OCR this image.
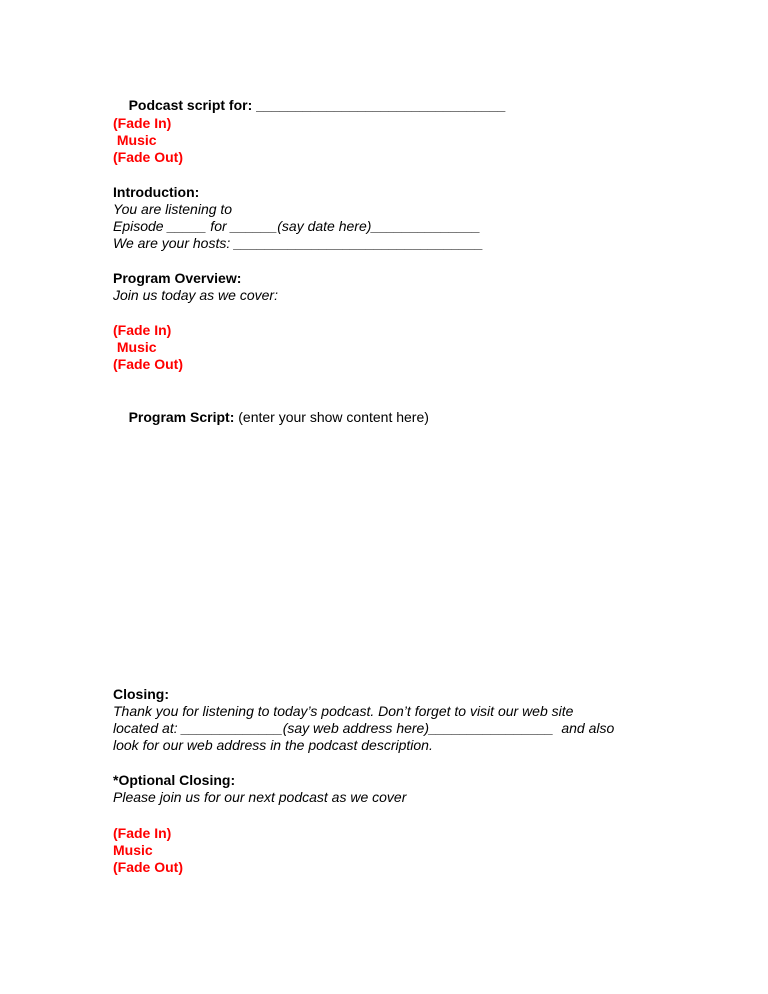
Podcast script for: ________________________________

(Fade In)
Music
(Fade Out)
Introduction:
You are listening to
Episode _____ for ______(say date here)______________
We are your hosts: ________________________________
Program Overview:
Join us today as we cover:
(Fade In)
Music
(Fade Out)

Program Script: (enter your show content here)

Closing:
Thank you for listening to today’s podcast. Don’t forget to visit our web site
located at: _____________(say web address here)________________  and also
look for our web address in the podcast description.
*Optional Closing:
Please join us for our next podcast as we cover
(Fade In)
Music
(Fade Out)
